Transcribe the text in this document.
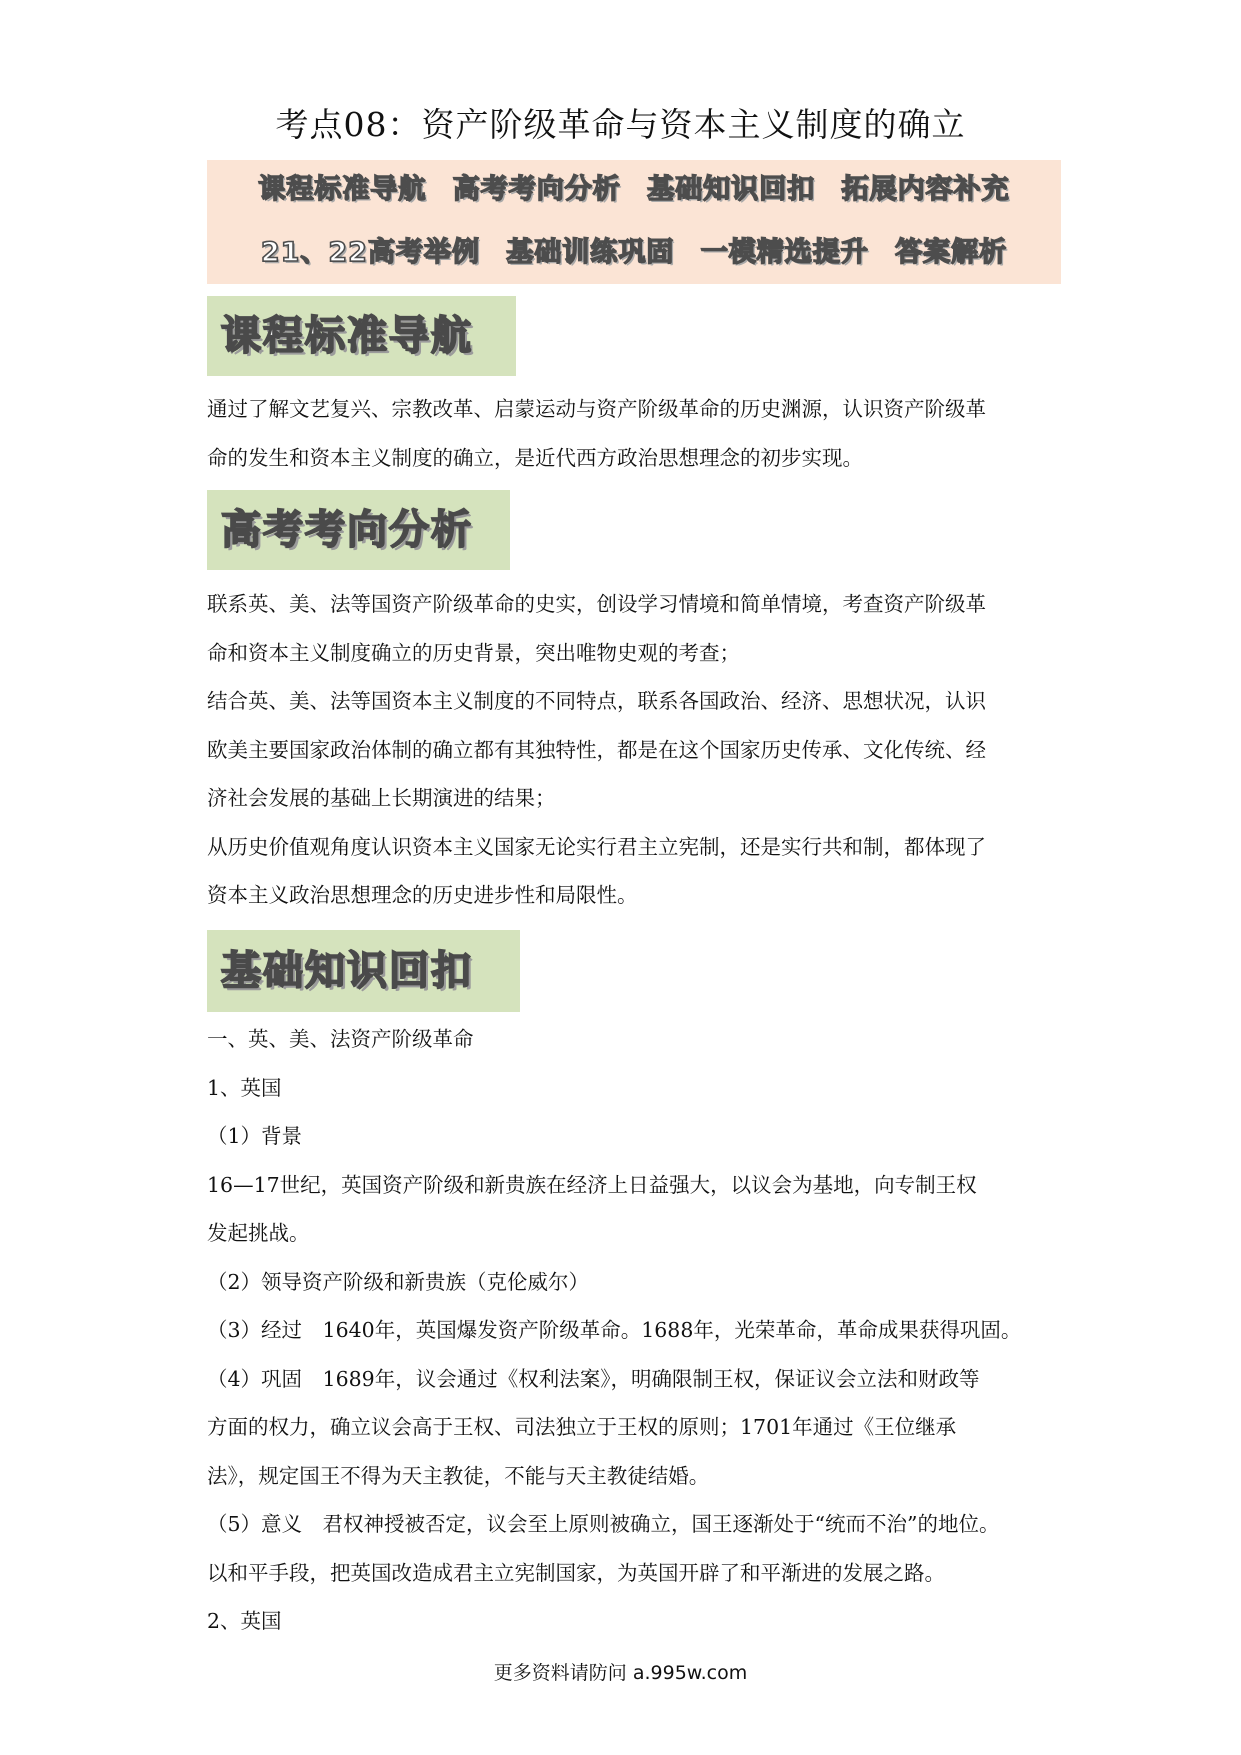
考点08：资产阶级革命与资本主义制度的确立
课程标准导航 高考考向分析 基础知识回扣 拓展内容补充
21、22高考举例 基础训练巩固 一模精选提升 答案解析
课程标准导航

通过了解文艺复兴、宗教改革、启蒙运动与资产阶级革命的历史渊源，认识资产阶级革

命的发生和资本主义制度的确立，是近代西方政治思想理念的初步实现。

高考考向分析

联系英、美、法等国资产阶级革命的史实，创设学习情境和简单情境，考查资产阶级革

命和资本主义制度确立的历史背景，突出唯物史观的考查；

结合英、美、法等国资本主义制度的不同特点，联系各国政治、经济、思想状况，认识

欧美主要国家政治体制的确立都有其独特性，都是在这个国家历史传承、文化传统、经

济社会发展的基础上长期演进的结果；

从历史价值观角度认识资本主义国家无论实行君主立宪制，还是实行共和制，都体现了

资本主义政治思想理念的历史进步性和局限性。

基础知识回扣

一、英、美、法资产阶级革命

1、英国

（1）背景

16—17世纪，英国资产阶级和新贵族在经济上日益强大，以议会为基地，向专制王权

发起挑战。

（2）领导资产阶级和新贵族（克伦威尔）

（3）经过　1640年，英国爆发资产阶级革命。1688年，光荣革命，革命成果获得巩固。

（4）巩固　1689年，议会通过《权利法案》，明确限制王权，保证议会立法和财政等

方面的权力，确立议会高于王权、司法独立于王权的原则；1701年通过《王位继承

法》，规定国王不得为天主教徒，不能与天主教徒结婚。

（5）意义　君权神授被否定，议会至上原则被确立，国王逐渐处于“统而不治”的地位。

以和平手段，把英国改造成君主立宪制国家，为英国开辟了和平渐进的发展之路。

2、英国

更多资料请防问 a.995w.com
